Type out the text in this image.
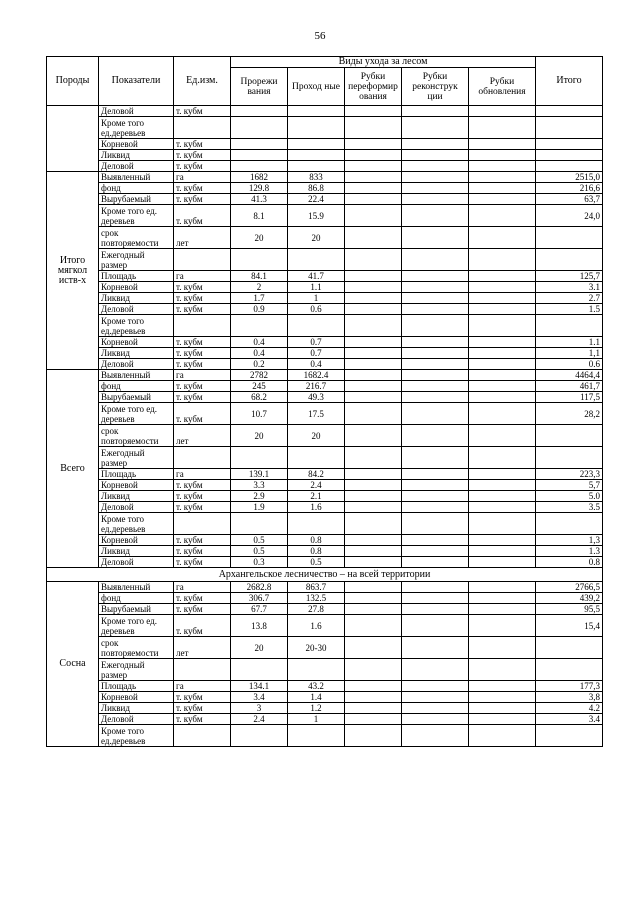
56
Породы	Показатели	Ед.изм.	Виды ухода за лесом					Итого
			Прорежи вания	Проход ные	Рубки переформир ования	Рубки реконструк ции	Рубки обновления	
	Деловой	т. кубм						
	Кроме того ед.деревьев							
	Корневой	т. кубм						
	Ликвид	т. кубм						
	Деловой	т. кубм						
Итого мягкол иств-х	Выявленный	га	1682	833				2515,0
	фонд	т. кубм	129.8	86.8				216,6
	Вырубаемый	т. кубм	41.3	22.4				63,7
	Кроме того ед. деревьев	т. кубм	8.1	15.9				24,0
	срок повторяемости	лет	20	20				
	Ежегодный размер							
	Площадь	га	84.1	41.7				125,7
	Корневой	т. кубм	2	1.1				3.1
	Ликвид	т. кубм	1.7	1				2.7
	Деловой	т. кубм	0.9	0.6				1.5
	Кроме того ед.деревьев							
	Корневой	т. кубм	0.4	0.7				1.1
	Ликвид	т. кубм	0.4	0.7				1,1
	Деловой	т. кубм	0.2	0.4				0.6
Всего	Выявленный	га	2782	1682.4				4464,4
	фонд	т. кубм	245	216.7				461,7
	Вырубаемый	т. кубм	68.2	49.3				117,5
	Кроме того ед. деревьев	т. кубм	10.7	17.5				28,2
	срок повторяемости	лет	20	20				
	Ежегодный размер							
	Площадь	га	139.1	84.2				223,3
	Корневой	т. кубм	3.3	2.4				5,7
	Ликвид	т. кубм	2.9	2.1				5.0
	Деловой	т. кубм	1.9	1.6				3.5
	Кроме того ед.деревьев							
	Корневой	т. кубм	0.5	0.8				1,3
	Ликвид	т. кубм	0.5	0.8				1.3
	Деловой	т. кубм	0.3	0.5				0.8
Архангельское лесничество – на всей территории								
Сосна	Выявленный	га	2682.8	863.7				2766,5
	фонд	т. кубм	306.7	132.5				439,2
	Вырубаемый	т. кубм	67.7	27.8				95,5
	Кроме того ед. деревьев	т. кубм	13.8	1.6				15,4
	срок повторяемости	лет	20	20-30				
	Ежегодный размер							
	Площадь	га	134.1	43.2				177,3
	Корневой	т. кубм	3.4	1.4				3,8
	Ликвид	т. кубм	3	1.2				4.2
	Деловой	т. кубм	2.4	1				3.4
	Кроме того ед.деревьев							
